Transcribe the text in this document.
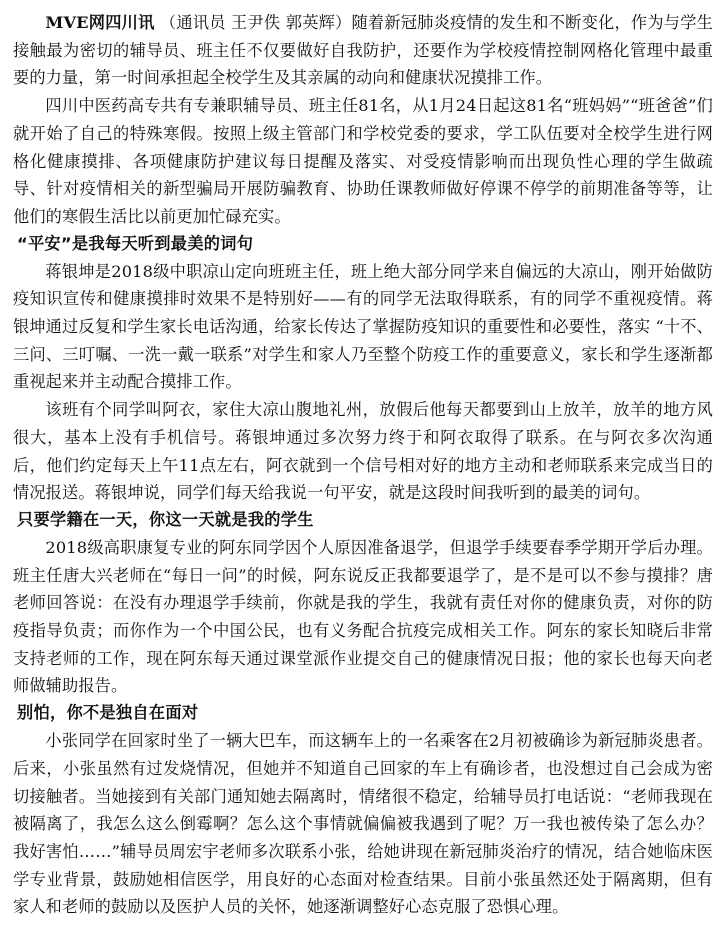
MVE网四川讯 （通讯员 王尹佚 郭英辉）随着新冠肺炎疫情的发生和不断变化，作为与学生接触最为密切的辅导员、班主任不仅要做好自我防护，还要作为学校疫情控制网格化管理中最重要的力量，第一时间承担起全校学生及其亲属的动向和健康状况摸排工作。

四川中医药高专共有专兼职辅导员、班主任81名，从1月24日起这81名“班妈妈”“班爸爸”们就开始了自己的特殊寒假。按照上级主管部门和学校党委的要求，学工队伍要对全校学生进行网格化健康摸排、各项健康防护建议每日提醒及落实、对受疫情影响而出现负性心理的学生做疏导、针对疫情相关的新型骗局开展防骗教育、协助任课教师做好停课不停学的前期准备等等，让他们的寒假生活比以前更加忙碌充实。

“平安”是我每天听到最美的词句

蒋银坤是2018级中职凉山定向班班主任，班上绝大部分同学来自偏远的大凉山，刚开始做防疫知识宣传和健康摸排时效果不是特别好——有的同学无法取得联系，有的同学不重视疫情。蒋银坤通过反复和学生家长电话沟通，给家长传达了掌握防疫知识的重要性和必要性，落实 “十不、三问、三叮嘱、一洗一戴一联系”对学生和家人乃至整个防疫工作的重要意义，家长和学生逐渐都重视起来并主动配合摸排工作。

该班有个同学叫阿衣，家住大凉山腹地礼州，放假后他每天都要到山上放羊，放羊的地方风很大，基本上没有手机信号。蒋银坤通过多次努力终于和阿衣取得了联系。在与阿衣多次沟通后，他们约定每天上午11点左右，阿衣就到一个信号相对好的地方主动和老师联系来完成当日的情况报送。蒋银坤说，同学们每天给我说一句平安，就是这段时间我听到的最美的词句。

只要学籍在一天，你这一天就是我的学生

2018级高职康复专业的阿东同学因个人原因准备退学，但退学手续要春季学期开学后办理。班主任唐大兴老师在“每日一问”的时候，阿东说反正我都要退学了，是不是可以不参与摸排？唐老师回答说：在没有办理退学手续前，你就是我的学生，我就有责任对你的健康负责，对你的防疫指导负责；而你作为一个中国公民，也有义务配合抗疫完成相关工作。阿东的家长知晓后非常支持老师的工作，现在阿东每天通过课堂派作业提交自己的健康情况日报；他的家长也每天向老师做辅助报告。

别怕，你不是独自在面对

小张同学在回家时坐了一辆大巴车，而这辆车上的一名乘客在2月初被确诊为新冠肺炎患者。后来，小张虽然有过发烧情况，但她并不知道自己回家的车上有确诊者，也没想过自己会成为密切接触者。当她接到有关部门通知她去隔离时，情绪很不稳定，给辅导员打电话说：“老师我现在被隔离了，我怎么这么倒霉啊？怎么这个事情就偏偏被我遇到了呢？万一我也被传染了怎么办？我好害怕……”辅导员周宏宇老师多次联系小张，给她讲现在新冠肺炎治疗的情况，结合她临床医学专业背景，鼓励她相信医学，用良好的心态面对检查结果。目前小张虽然还处于隔离期，但有家人和老师的鼓励以及医护人员的关怀，她逐渐调整好心态克服了恐惧心理。
